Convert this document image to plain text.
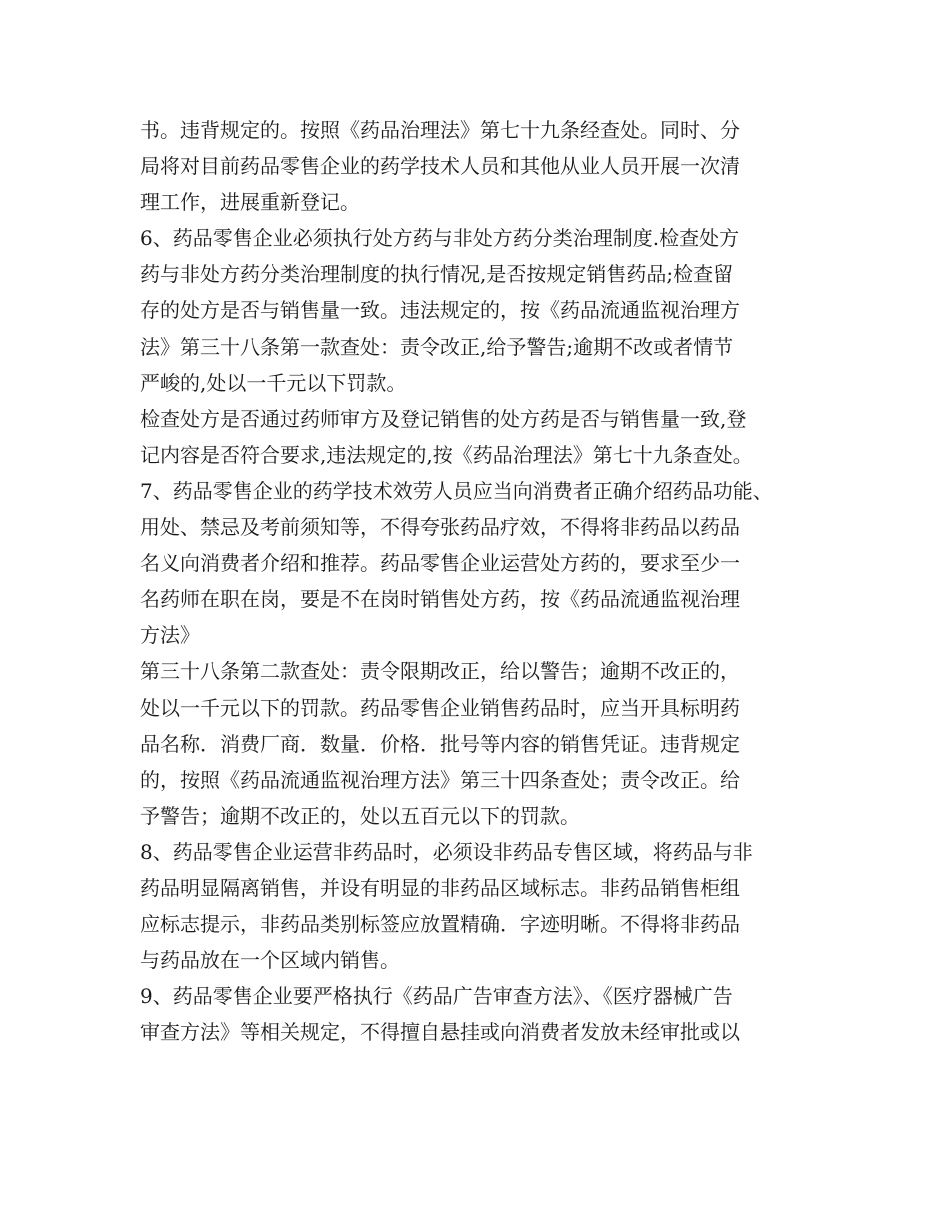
书。违背规定的。按照《药品治理法》第七十九条经查处。同时、分
局将对目前药品零售企业的药学技术人员和其他从业人员开展一次清
理工作，进展重新登记。
6、药品零售企业必须执行处方药与非处方药分类治理制度.检查处方
药与非处方药分类治理制度的执行情况,是否按规定销售药品;检查留
存的处方是否与销售量一致。违法规定的，按《药品流通监视治理方
法》第三十八条第一款查处：责令改正,给予警告;逾期不改或者情节
严峻的,处以一千元以下罚款。
检查处方是否通过药师审方及登记销售的处方药是否与销售量一致,登
记内容是否符合要求,违法规定的,按《药品治理法》第七十九条查处。
7、药品零售企业的药学技术效劳人员应当向消费者正确介绍药品功能、
用处、禁忌及考前须知等，不得夸张药品疗效，不得将非药品以药品
名义向消费者介绍和推荐。药品零售企业运营处方药的，要求至少一
名药师在职在岗，要是不在岗时销售处方药，按《药品流通监视治理
方法》
第三十八条第二款查处：责令限期改正，给以警告；逾期不改正的，
处以一千元以下的罚款。药品零售企业销售药品时，应当开具标明药
品名称．消费厂商．数量．价格．批号等内容的销售凭证。违背规定
的，按照《药品流通监视治理方法》第三十四条查处；责令改正。给
予警告；逾期不改正的，处以五百元以下的罚款。
8、药品零售企业运营非药品时，必须设非药品专售区域，将药品与非
药品明显隔离销售，并设有明显的非药品区域标志。非药品销售柜组
应标志提示，非药品类别标签应放置精确．字迹明晰。不得将非药品
与药品放在一个区域内销售。
9、药品零售企业要严格执行《药品广告审查方法》、《医疗器械广告
审查方法》等相关规定，不得擅自悬挂或向消费者发放未经审批或以
